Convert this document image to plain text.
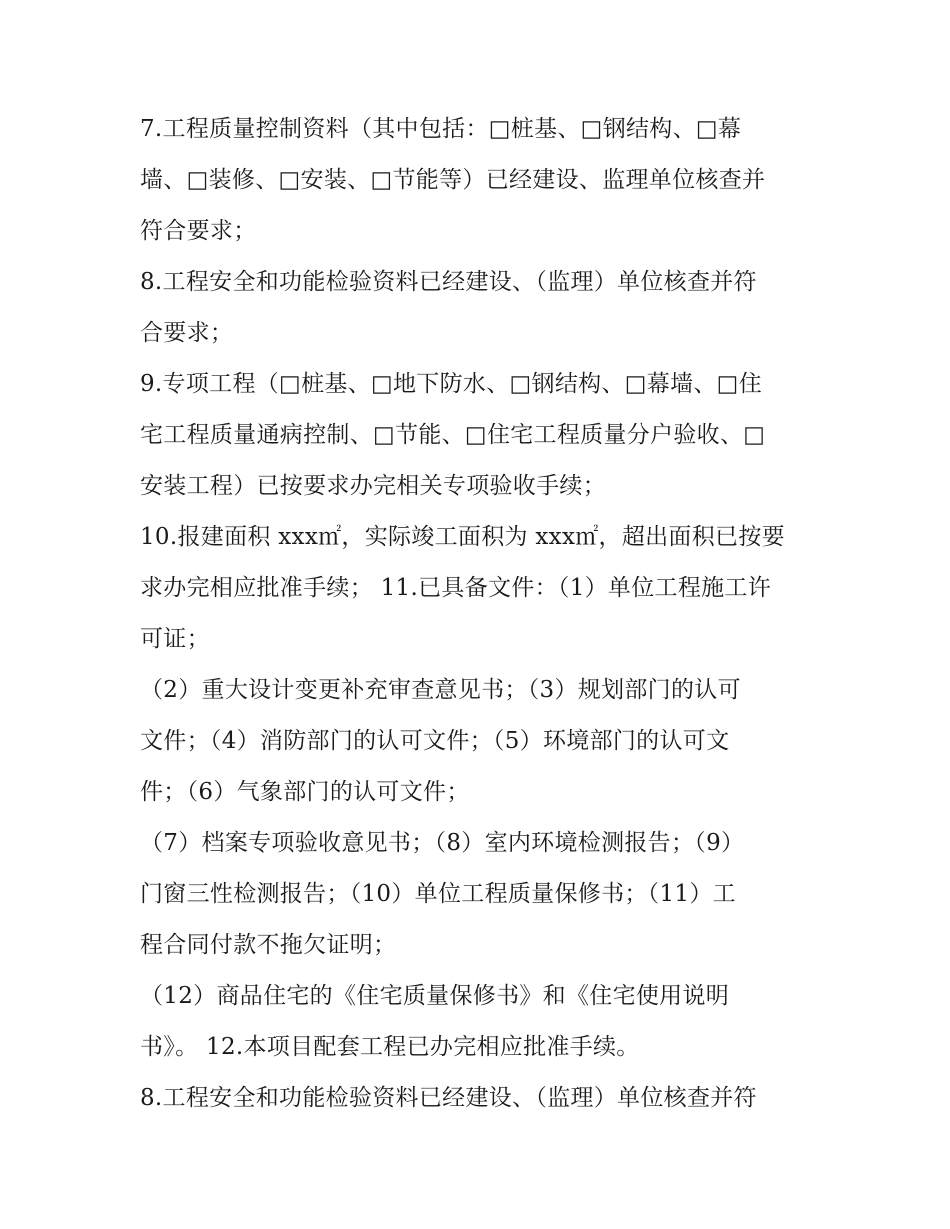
7.工程质量控制资料（其中包括：□桩基、□钢结构、□幕
墙、□装修、□安装、□节能等）已经建设、监理单位核查并
符合要求；
8.工程安全和功能检验资料已经建设、（监理）单位核查并符
合要求；
9.专项工程（□桩基、□地下防水、□钢结构、□幕墙、□住
宅工程质量通病控制、□节能、□住宅工程质量分户验收、□
安装工程）已按要求办完相关专项验收手续；
10.报建面积 xxx㎡，实际竣工面积为 xxx㎡，超出面积已按要
求办完相应批准手续； 11.已具备文件：（1）单位工程施工许
可证；
（2）重大设计变更补充审查意见书；（3）规划部门的认可
文件；（4）消防部门的认可文件；（5）环境部门的认可文
件；（6）气象部门的认可文件；
（7）档案专项验收意见书；（8）室内环境检测报告；（9）
门窗三性检测报告；（10）单位工程质量保修书；（11）工
程合同付款不拖欠证明；
（12）商品住宅的《住宅质量保修书》和《住宅使用说明
书》。 12.本项目配套工程已办完相应批准手续。
8.工程安全和功能检验资料已经建设、（监理）单位核查并符
